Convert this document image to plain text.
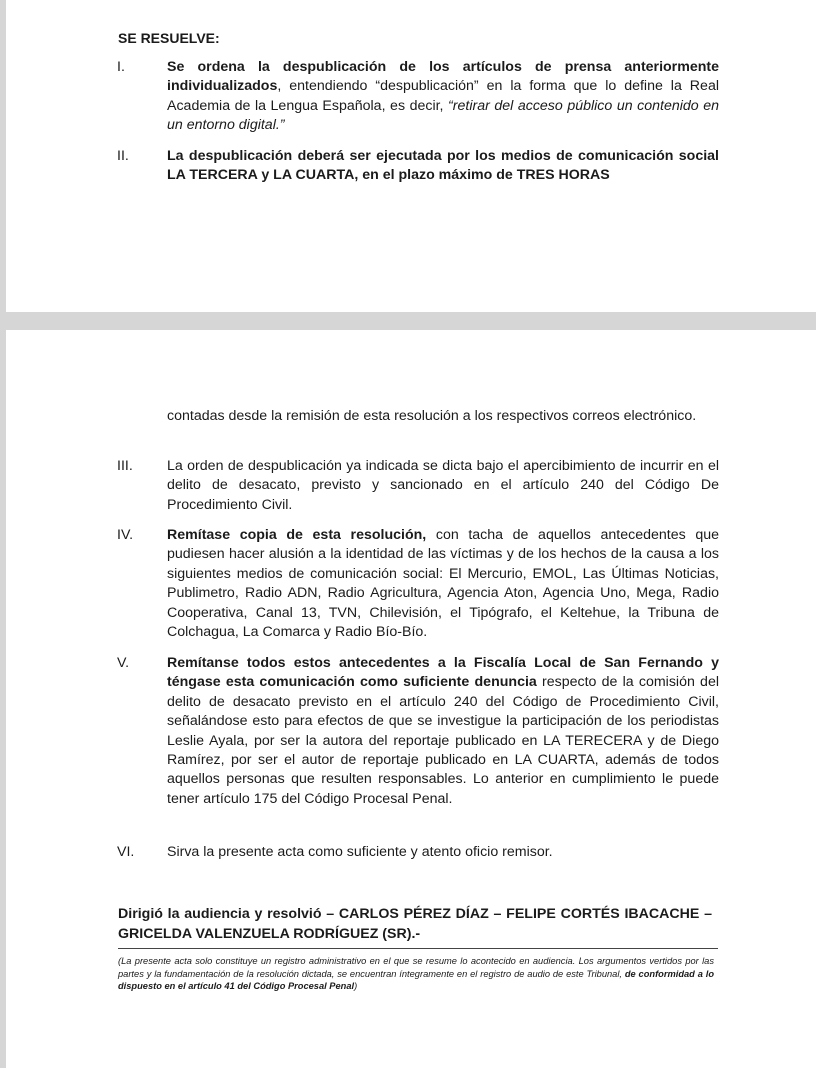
SE RESUELVE:
I.	Se ordena la despublicación de los artículos de prensa anteriormente individualizados, entendiendo “despublicación” en la forma que lo define la Real Academia de la Lengua Española, es decir, “retirar del acceso público un contenido en un entorno digital.”
II.	La despublicación deberá ser ejecutada por los medios de comunicación social LA TERCERA y LA CUARTA, en el plazo máximo de TRES HORAS
contadas desde la remisión de esta resolución a los respectivos correos electrónico.
III.	La orden de despublicación ya indicada se dicta bajo el apercibimiento de incurrir en el delito de desacato, previsto y sancionado en el artículo 240 del Código De Procedimiento Civil.
IV.	Remítase copia de esta resolución, con tacha de aquellos antecedentes que pudiesen hacer alusión a la identidad de las víctimas y de los hechos de la causa a los siguientes medios de comunicación social: El Mercurio, EMOL, Las Últimas Noticias, Publimetro, Radio ADN, Radio Agricultura, Agencia Aton, Agencia Uno, Mega, Radio Cooperativa, Canal 13, TVN, Chilevisión, el Tipógrafo, el Keltehue, la Tribuna de Colchagua, La Comarca y Radio Bío-Bío.
V.	Remítanse todos estos antecedentes a la Fiscalía Local de San Fernando y téngase esta comunicación como suficiente denuncia respecto de la comisión del delito de desacato previsto en el artículo 240 del Código de Procedimiento Civil, señalándose esto para efectos de que se investigue la participación de los periodistas Leslie Ayala, por ser la autora del reportaje publicado en LA TERECERA y de Diego Ramírez, por ser el autor de reportaje publicado en LA CUARTA, además de todos aquellos personas que resulten responsables. Lo anterior en cumplimiento le puede tener artículo 175 del Código Procesal Penal.
VI.	Sirva la presente acta como suficiente y atento oficio remisor.
Dirigió la audiencia y resolvió – CARLOS PÉREZ DÍAZ – FELIPE CORTÉS IBACACHE – GRICELDA VALENZUELA RODRÍGUEZ (SR).-
(La presente acta solo constituye un registro administrativo en el que se resume lo acontecido en audiencia. Los argumentos vertidos por las partes y la fundamentación de la resolución dictada, se encuentran íntegramente en el registro de audio de este Tribunal, de conformidad a lo dispuesto en el artículo 41 del Código Procesal Penal)
